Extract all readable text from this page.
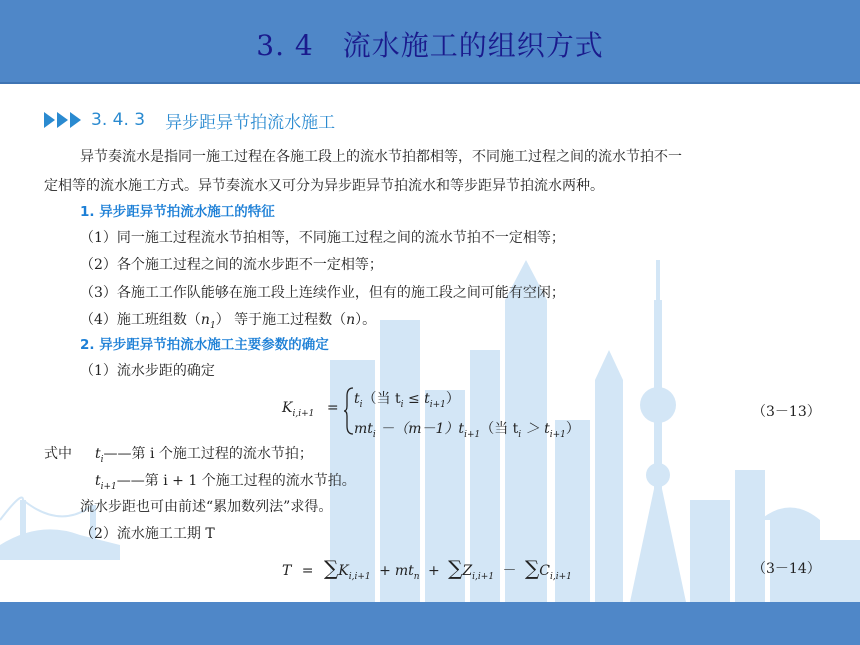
3. 4　流水施工的组织方式
3. 4. 3 异步距异节拍流水施工
异节奏流水是指同一施工过程在各施工段上的流水节拍都相等，不同施工过程之间的流水节拍不一
定相等的流水施工方式。异节奏流水又可分为异步距异节拍流水和等步距异节拍流水两种。
1. 异步距异节拍流水施工的特征
（1）同一施工过程流水节拍相等，不同施工过程之间的流水节拍不一定相等；
（2）各个施工过程之间的流水步距不一定相等；
（3）各施工工作队能够在施工段上连续作业，但有的施工段之间可能有空闲；
（4）施工班组数$(n_1)$ 等于施工过程数（n）。
2. 异步距异节拍流水施工主要参数的确定
（1）流水步距的确定
$K_{i,i+1}$ =
$t_i$（当 $t_i \le t_{i+1}$）
$mt_i -(m-1)t_{i+1}$（当 $t_i > t_{i+1}$）
（3－13）
式中 $t_i——$第 i 个施工过程的流水节拍；
$t_{i+1}——$第 i + 1 个施工过程的流水节拍。
流水步距也可由前述“累加数列法”求得。
（2）流水施工工期 T
$T = \sum K_{i,i+1} + mt_n + \sum Z_{i,i+1} - \sum C_{i,i+1}$	（3－14）
